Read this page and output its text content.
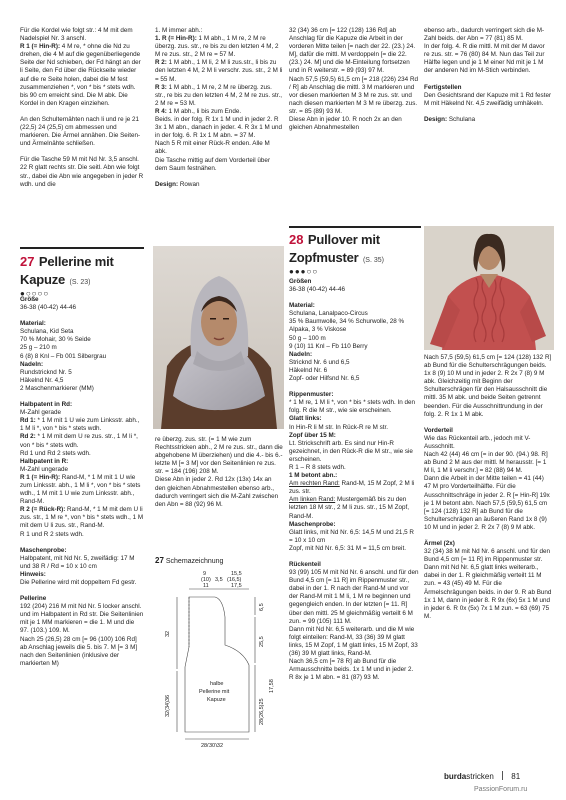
Für die Kordel wie folgt str.: 4 M mit dem Nadelspiel Nr. 3 anschl.

R 1 (= Hin-R): 4 M re, * ohne die Nd zu drehen, die 4 M auf die gegenüberliegende Seite der Nd schieben, der Fd hängt an der li Seite, den Fd über die Rückseite wieder auf die re Seite holen, dabei die M fest zusammenziehen *, von * bis * stets wdh. bis 90 cm erreicht sind. Die M abk. Die Kordel in den Kragen einziehen.

An den Schulternähten nach li und re je 21 (22,5) 24 (25,5) cm abmessen und markieren. Die Ärmel annähen. Die Seiten- und Ärmelnähte schließen.

Für die Tasche 59 M mit Nd Nr. 3,5 anschl. 22 R glatt rechts str. Die seitl. Abn wie folgt str., dabei die Abn wie angegeben in jeder R wdh. und die

27 Pellerine mit
Kapuze (S. 23)
●○○○○

Größe

36-38 (40-42) 44-46

Material:

Schulana, Kid Seta

70 % Mohair, 30 % Seide

25 g – 210 m

6 (8) 8 Knl – Fb 001 Silbergrau

Nadeln:

Rundstricknd Nr. 5

Häkelnd Nr. 4,5

2 Maschenmarkierer (MM)

Halbpatent in Rd:

M-Zahl gerade

Rd 1: * 1 M mit 1 U wie zum Linksstr. abh., 1 M li *, von * bis * stets wdh.

Rd 2: * 1 M mit dem U re zus. str., 1 M li *, von * bis * stets wdh.

Rd 1 und Rd 2 stets wdh.

Halbpatent in R:

M-Zahl ungerade

R 1 (= Hin-R): Rand-M, * 1 M mit 1 U wie zum Linksstr. abh., 1 M li *, von * bis * stets wdh., 1 M mit 1 U wie zum Linksstr. abh., Rand-M.

R 2 (= Rück-R): Rand-M, * 1 M mit dem U li zus. str., 1 M re *, von * bis * stets wdh., 1 M mit dem U li zus. str., Rand-M.

R 1 und R 2 stets wdh.

Maschenprobe:

Halbpatent, mit Nd Nr. 5, zweifädig: 17 M und 38 R / Rd = 10 x 10 cm

Hinweis:

Die Pellerine wird mit doppeltem Fd gestr.

Pellerine

192 (204) 216 M mit Nd Nr. 5 locker anschl. und im Halbpatent in Rd str. Die Seitenlinien mit je 1 MM markieren = die 1. M und die 97. (103.) 109. M.

Nach 25 (26,5) 28 cm [= 96 (100) 106 Rd] ab Anschlag jeweils die 5. bis 7. M [= 3 M] nach den Seitenlinien (inklusive der markierten M)

1. M immer abh.:

1. R (= Hin-R): 1 M abh., 1 M re, 2 M re überzg. zus. str., re bis zu den letzten 4 M, 2 M re zus. str., 2 M re = 57 M.

R 2: 1 M abh., 1 M li, 2 M li zus.str., li bis zu den letzten 4 M, 2 M li verschr. zus. str., 2 M li = 55 M.

R 3: 1 M abh., 1 M re, 2 M re überzg. zus. str., re bis zu den letzten 4 M, 2 M re zus. str., 2 M re = 53 M.

R 4: 1 M abh., li bis zum Ende.

Beids. in der folg. R 1x 1 M und in jeder 2. R 3x 1 M abn., danach in jeder. 4. R 3x 1 M und in der folg. 6. R 1x 1 M abn. = 37 M.

Nach 5 R mit einer Rück-R enden. Alle M abk.

Die Tasche mittig auf dem Vorderteil über dem Saum festnähen.

Design: Rowan

re überzg. zus. str. (= 1 M wie zum Rechtsstricken abh., 2 M re zus. str., dann die abgehobene M überziehen) und die 4.- bis 6.-letzte M [= 3 M] vor den Seitenlinien re zus. str. = 184 (196) 208 M.

Diese Abn in jeder 2. Rd 12x (13x) 14x an den gleichen Abnahmestellen ebenso arb., dadurch verringert sich die M-Zahl zwischen den Abn = 88 (92) 96 M.

27 Schemazeichnung
9
(10)
11
3,5
15,5
(16,5)
17,5
32
32(34)36
6,5
25,5
28(26,5)25
17,58
28(30)32
halbe
Pellerine mit
Kapuze

32 (34) 36 cm [= 122 (128) 136 Rd] ab Anschlag für die Kapuze die Arbeit in der vorderen Mitte teilen [= nach der 22. (23.) 24. M], dafür die mittl. M verdoppeln [= die 22. (23.) 24. M] und die M-Einteilung fortsetzen und in R weiterstr. = 89 (93) 97 M.

Nach 57,5 (59,5) 61,5 cm [= 218 (226) 234 Rd / R] ab Anschlag die mittl. 3 M markieren und vor diesen markierten M 3 M re zus. str. und nach diesen markierten M 3 M re überzg. zus. str. = 85 (89) 93 M.

Diese Abn in jeder 10. R noch 2x an den gleichen Abnahmestellen

28 Pullover mit
Zopfmuster (S. 35)
●●●○○

Größen

36-38 (40-42) 44-46

Material:

Schulana, Lanalpaco-Circus

35 % Baumwolle, 34 % Schurwolle, 28 % Alpaka, 3 % Viskose

50 g – 100 m

9 (10) 11 Knl – Fb 110 Berry

Nadeln:

Stricknd Nr. 6 und 6,5

Häkelnd Nr. 6

Zopf- oder Hilfsnd Nr. 6,5

Rippenmuster:

* 1 M re, 1 M li *, von * bis * stets wdh. In den folg. R die M str., wie sie erscheinen.

Glatt links:

In Hin-R li M str. In Rück-R re M str.

Zopf über 15 M:

Lt. Strickschrift arb. Es sind nur Hin-R gezeichnet, in den Rück-R die M str., wie sie erscheinen.

R 1 – R 8 stets wdh.

1 M betont abn.:

Am rechten Rand: Rand-M, 15 M Zopf, 2 M li zus. str.

Am linken Rand: Mustergemäß bis zu den letzten 18 M str., 2 M li zus. str., 15 M Zopf, Rand-M.

Maschenprobe:

Glatt links, mit Nd Nr. 6,5: 14,5 M und 21,5 R = 10 x 10 cm

Zopf, mit Nd Nr. 6,5: 31 M = 11,5 cm breit.

Rückenteil

93 (99) 105 M mit Nd Nr. 6 anschl. und für den Bund 4,5 cm [= 11 R] im Rippenmuster str., dabei in der 1. R nach der Rand-M und vor der Rand-M mit 1 M li, 1 M re beginnen und gegengleich enden. In der letzten [= 11. R] über den mittl. 25 M gleichmäßig verteilt 6 M zun. = 99 (105) 111 M.

Dann mit Nd Nr. 6,5 weiterarb. und die M wie folgt einteilen: Rand-M, 33 (36) 39 M glatt links, 15 M Zopf, 1 M glatt links, 15 M Zopf, 33 (36) 39 M glatt links, Rand-M.

Nach 36,5 cm [= 78 R] ab Bund für die Armausschnitte beids. 1x 1 M und in jeder 2. R 8x je 1 M abn. = 81 (87) 93 M.

ebenso arb., dadurch verringert sich die M-Zahl beids. der Abn = 77 (81) 85 M.

In der folg. 4. R die mittl. M mit der M davor re zus. str. = 76 (80) 84 M. Nun das Teil zur Hälfte legen und je 1 M einer Nd mit je 1 M der anderen Nd im M-Stich verbinden.

Fertigstellen

Den Gesichtsrand der Kapuze mit 1 Rd fester M mit Häkelnd Nr. 4,5 zweifädig umhäkeln.

Design: Schulana

Nach 57,5 (59,5) 61,5 cm [= 124 (128) 132 R] ab Bund für die Schulterschrägungen beids. 1x 8 (9) 10 M und in jeder 2. R 2x 7 (8) 9 M abk. Gleichzeitig mit Beginn der Schulterschrägen für den Halsausschnitt die mittl. 35 M abk. und beide Seiten getrennt beenden. Für die Ausschnittrundung in der folg. 2. R 1x 1 M abk.

Vorderteil

Wie das Rückenteil arb., jedoch mit V-Ausschnitt.

Nach 42 (44) 46 cm [= in der 90. (94.) 98. R] ab Bund 2 M aus der mittl. M herausstr. [= 1 M li, 1 M li verschr.] = 82 (88) 94 M.

Dann die Arbeit in der Mitte teilen = 41 (44) 47 M pro Vorderteilhälfte. Für die Ausschnittschräge in jeder 2. R [= Hin-R] 19x je 1 M betont abn. Nach 57,5 (59,5) 61,5 cm [= 124 (128) 132 R] ab Bund für die Schulterschrägen an äußeren Rand 1x 8 (9) 10 M und in jeder 2. R 2x 7 (8) 9 M abk.

Ärmel (2x)

32 (34) 38 M mit Nd Nr. 6 anschl. und für den Bund 4,5 cm [= 11 R] im Rippenmuster str.

Dann mit Nd Nr. 6,5 glatt links weiterarb., dabei in der 1. R gleichmäßig verteilt 11 M zun. = 43 (45) 49 M. Für die Ärmelschrägungen beids. in der 9. R ab Bund 1x 1 M, dann in jeder 8. R 9x (6x) 5x 1 M und in jeder 6. R 0x (5x) 7x 1 M zun. = 63 (69) 75 M.

burdastricken 81
PassionForum.ru
